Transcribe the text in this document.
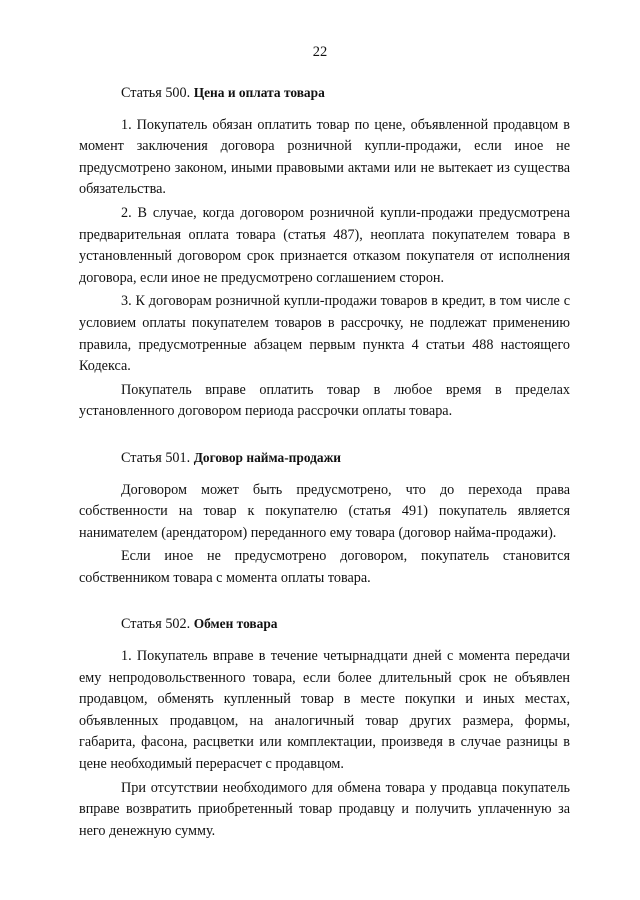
22
Статья 500. Цена и оплата товара

1. Покупатель обязан оплатить товар по цене, объявленной продавцом в момент заключения договора розничной купли-продажи, если иное не предусмотрено законом, иными правовыми актами или не вытекает из существа обязательства.

2. В случае, когда договором розничной купли-продажи предусмотрена предварительная оплата товара (статья 487), неоплата покупателем товара в установленный договором срок признается отказом покупателя от исполнения договора, если иное не предусмотрено соглашением сторон.

3. К договорам розничной купли-продажи товаров в кредит, в том числе с условием оплаты покупателем товаров в рассрочку, не подлежат применению правила, предусмотренные абзацем первым пункта 4 статьи 488 настоящего Кодекса.

Покупатель вправе оплатить товар в любое время в пределах установленного договором периода рассрочки оплаты товара.

Статья 501. Договор найма-продажи

Договором может быть предусмотрено, что до перехода права собственности на товар к покупателю (статья 491) покупатель является нанимателем (арендатором) переданного ему товара (договор найма-продажи).

Если иное не предусмотрено договором, покупатель становится собственником товара с момента оплаты товара.

Статья 502. Обмен товара

1. Покупатель вправе в течение четырнадцати дней с момента передачи ему непродовольственного товара, если более длительный срок не объявлен продавцом, обменять купленный товар в месте покупки и иных местах, объявленных продавцом, на аналогичный товар других размера, формы, габарита, фасона, расцветки или комплектации, произведя в случае разницы в цене необходимый перерасчет с продавцом.

При отсутствии необходимого для обмена товара у продавца покупатель вправе возвратить приобретенный товар продавцу и получить уплаченную за него денежную сумму.
